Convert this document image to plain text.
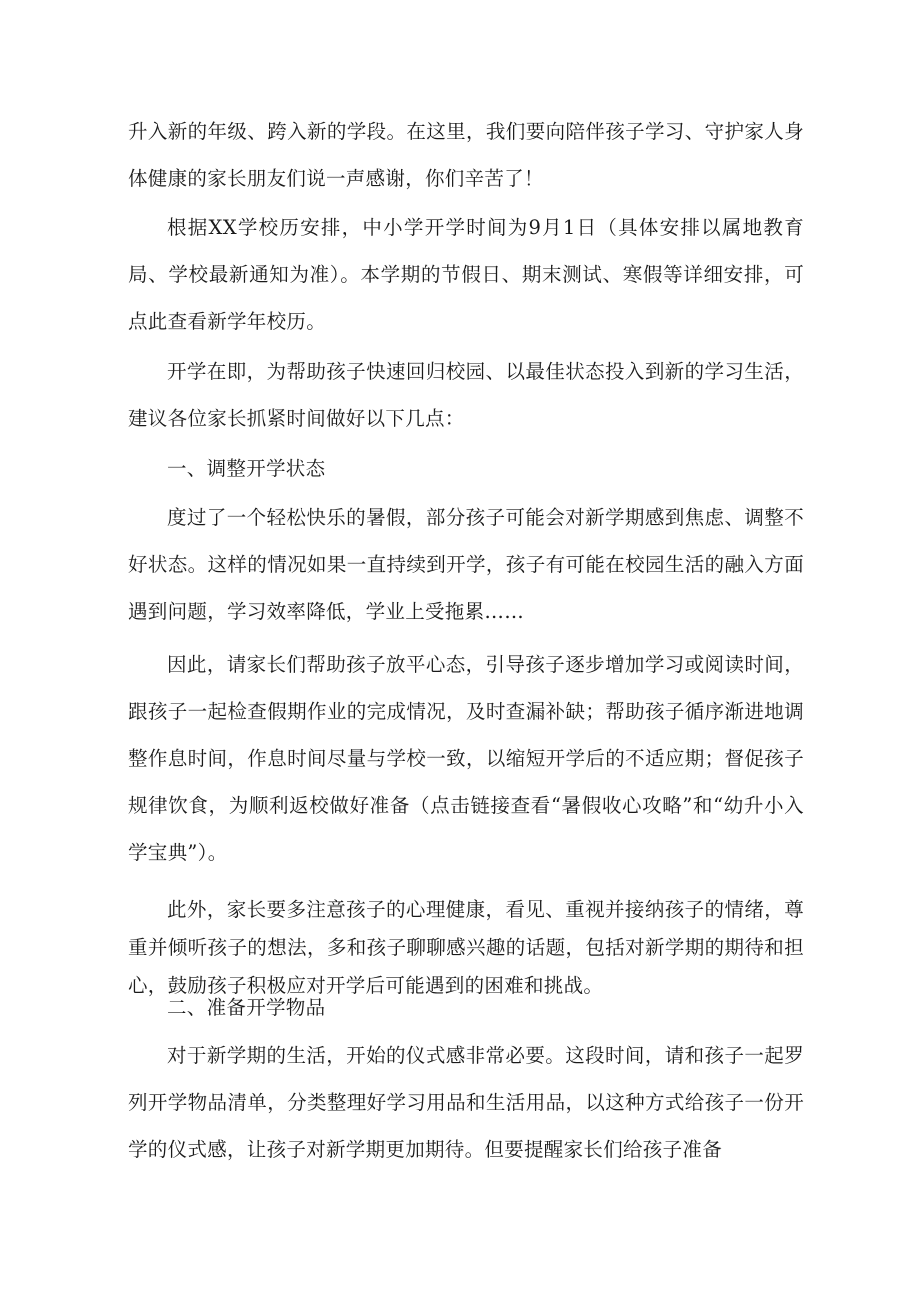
升入新的年级、跨入新的学段。在这里，我们要向陪伴孩子学习、守护家人身体健康的家长朋友们说一声感谢，你们辛苦了！

根据XX学校历安排，中小学开学时间为9月1日（具体安排以属地教育局、学校最新通知为准）。本学期的节假日、期末测试、寒假等详细安排，可点此查看新学年校历。

开学在即，为帮助孩子快速回归校园、以最佳状态投入到新的学习生活，建议各位家长抓紧时间做好以下几点：

一、调整开学状态

度过了一个轻松快乐的暑假，部分孩子可能会对新学期感到焦虑、调整不好状态。这样的情况如果一直持续到开学，孩子有可能在校园生活的融入方面遇到问题，学习效率降低，学业上受拖累……

因此，请家长们帮助孩子放平心态，引导孩子逐步增加学习或阅读时间，跟孩子一起检查假期作业的完成情况，及时查漏补缺；帮助孩子循序渐进地调整作息时间，作息时间尽量与学校一致，以缩短开学后的不适应期；督促孩子规律饮食，为顺利返校做好准备（点击链接查看“暑假收心攻略”和“幼升小入学宝典”）。

此外，家长要多注意孩子的心理健康，看见、重视并接纳孩子的情绪，尊重并倾听孩子的想法，多和孩子聊聊感兴趣的话题，包括对新学期的期待和担心，鼓励孩子积极应对开学后可能遇到的困难和挑战。

二、准备开学物品

对于新学期的生活，开始的仪式感非常必要。这段时间，请和孩子一起罗列开学物品清单，分类整理好学习用品和生活用品，以这种方式给孩子一份开学的仪式感，让孩子对新学期更加期待。但要提醒家长们给孩子准备
